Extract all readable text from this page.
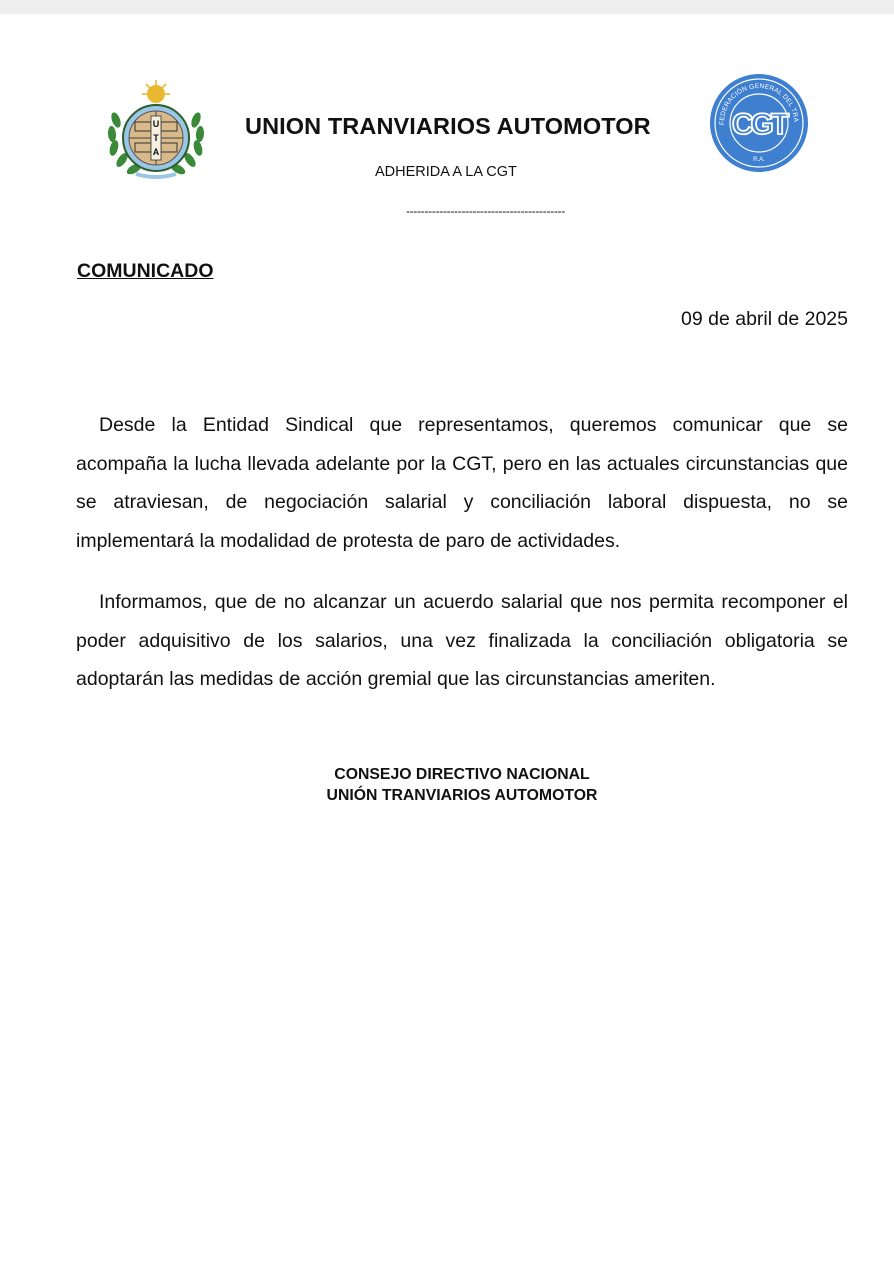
UTA
UNION TRANVIARIOS AUTOMOTOR
ADHERIDA A LA CGT
-------------------------------------------
FEDERACIÓN GENERAL DEL TRA
R.A.
CGT
COMUNICADO
09 de abril de 2025

Desde la Entidad Sindical que representamos, queremos comunicar que se acompaña la lucha llevada adelante por la CGT, pero en las actuales circunstancias que se atraviesan, de negociación salarial y conciliación laboral dispuesta, no se implementará la modalidad de protesta de paro de actividades.

Informamos, que de no alcanzar un acuerdo salarial que nos permita recomponer el poder adquisitivo de los salarios, una vez finalizada la conciliación obligatoria se adoptarán las medidas de acción gremial que las circunstancias ameriten.

CONSEJO DIRECTIVO NACIONAL
UNIÓN TRANVIARIOS AUTOMOTOR
